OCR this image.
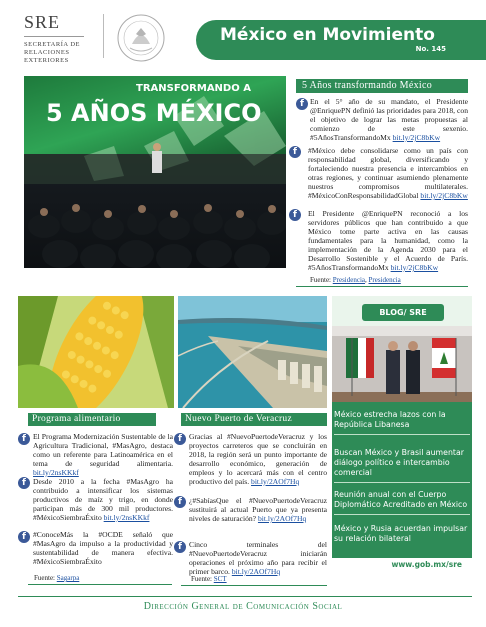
SRE
SECRETARÍA DE
RELACIONES EXTERIORES
México en Movimiento
No. 145
TRANSFORMANDO A
5 AÑOS MÉXICO
5 Años transformando México
f En el 5° año de su mandato, el Presidente @EnriquePN definió las prioridades para 2018, con el objetivo de lograr las metas propuestas al comienzo de este sexenio. #5AñosTransformandoMx bit.ly/2jC8bKw
f	#México debe consolidarse como un país con responsabilidad global, diversificando y fortaleciendo nuestra presencia e intercambios en otras regiones, y continuar asumiendo plenamente nuestros compromisos multilaterales. #MéxicoConResponsabilidadGlobal bit.ly/2jC8bKw
f	El Presidente @EnriquePN reconoció a los servidores públicos que han contribuido a que México tome parte activa en las causas fundamentales para la humanidad, como la implementación de la Agenda 2030 para el Desarrollo Sostenible y el Acuerdo de París. #5AñosTransformandoMx bit.ly/2jC8bKw
Fuente: Presidencia, Presidencia
BLOG/ SRE
México estrecha lazos con la República Libanesa
Buscan México y Brasil aumentar diálogo político e intercambio comercial
Reunión anual con el Cuerpo Diplomático Acreditado en México
México y Rusia acuerdan impulsar su relación bilateral
www.gob.mx/sre
Programa alimentario
f El Programa Modernización Sustentable de la Agricultura Tradicional, #MasAgro, destaca como un referente para Latinoamérica en el tema de seguridad alimentaria. bit.ly/2nsKKkf
f Desde 2010 a la fecha #MasAgro ha contribuido a intensificar los sistemas productivos de maíz y trigo, en donde participan más de 300 mil productores. #MéxicoSiembraÉxito bit.ly/2nsKKkf
f #ConoceMás la #OCDE señaló que #MasAgro da impulso a la productividad y sustentabilidad de manera efectiva. #MéxicoSiembraÉxito
Fuente: Sagarpa
Nuevo Puerto de Veracruz
f Gracias al #NuevoPuertodeVeracruz y los proyectos carreteros que se concluirán en 2018, la región será un punto importante de desarrollo económico, generación de empleos y lo acercará más con el centro productivo del país. bit.ly/2AOf7Hq
f ¿#SabíasQue el #NuevoPuertodeVeracruz sustituirá al actual Puerto que ya presenta niveles de saturación? bit.ly/2AOf7Hq
f Cinco terminales del #NuevoPuertodeVeracruz iniciarán operaciones el próximo año para recibir el primer barco. bit.ly/2AOf7Hq
Fuente: SCT
Dirección General de Comunicación Social
